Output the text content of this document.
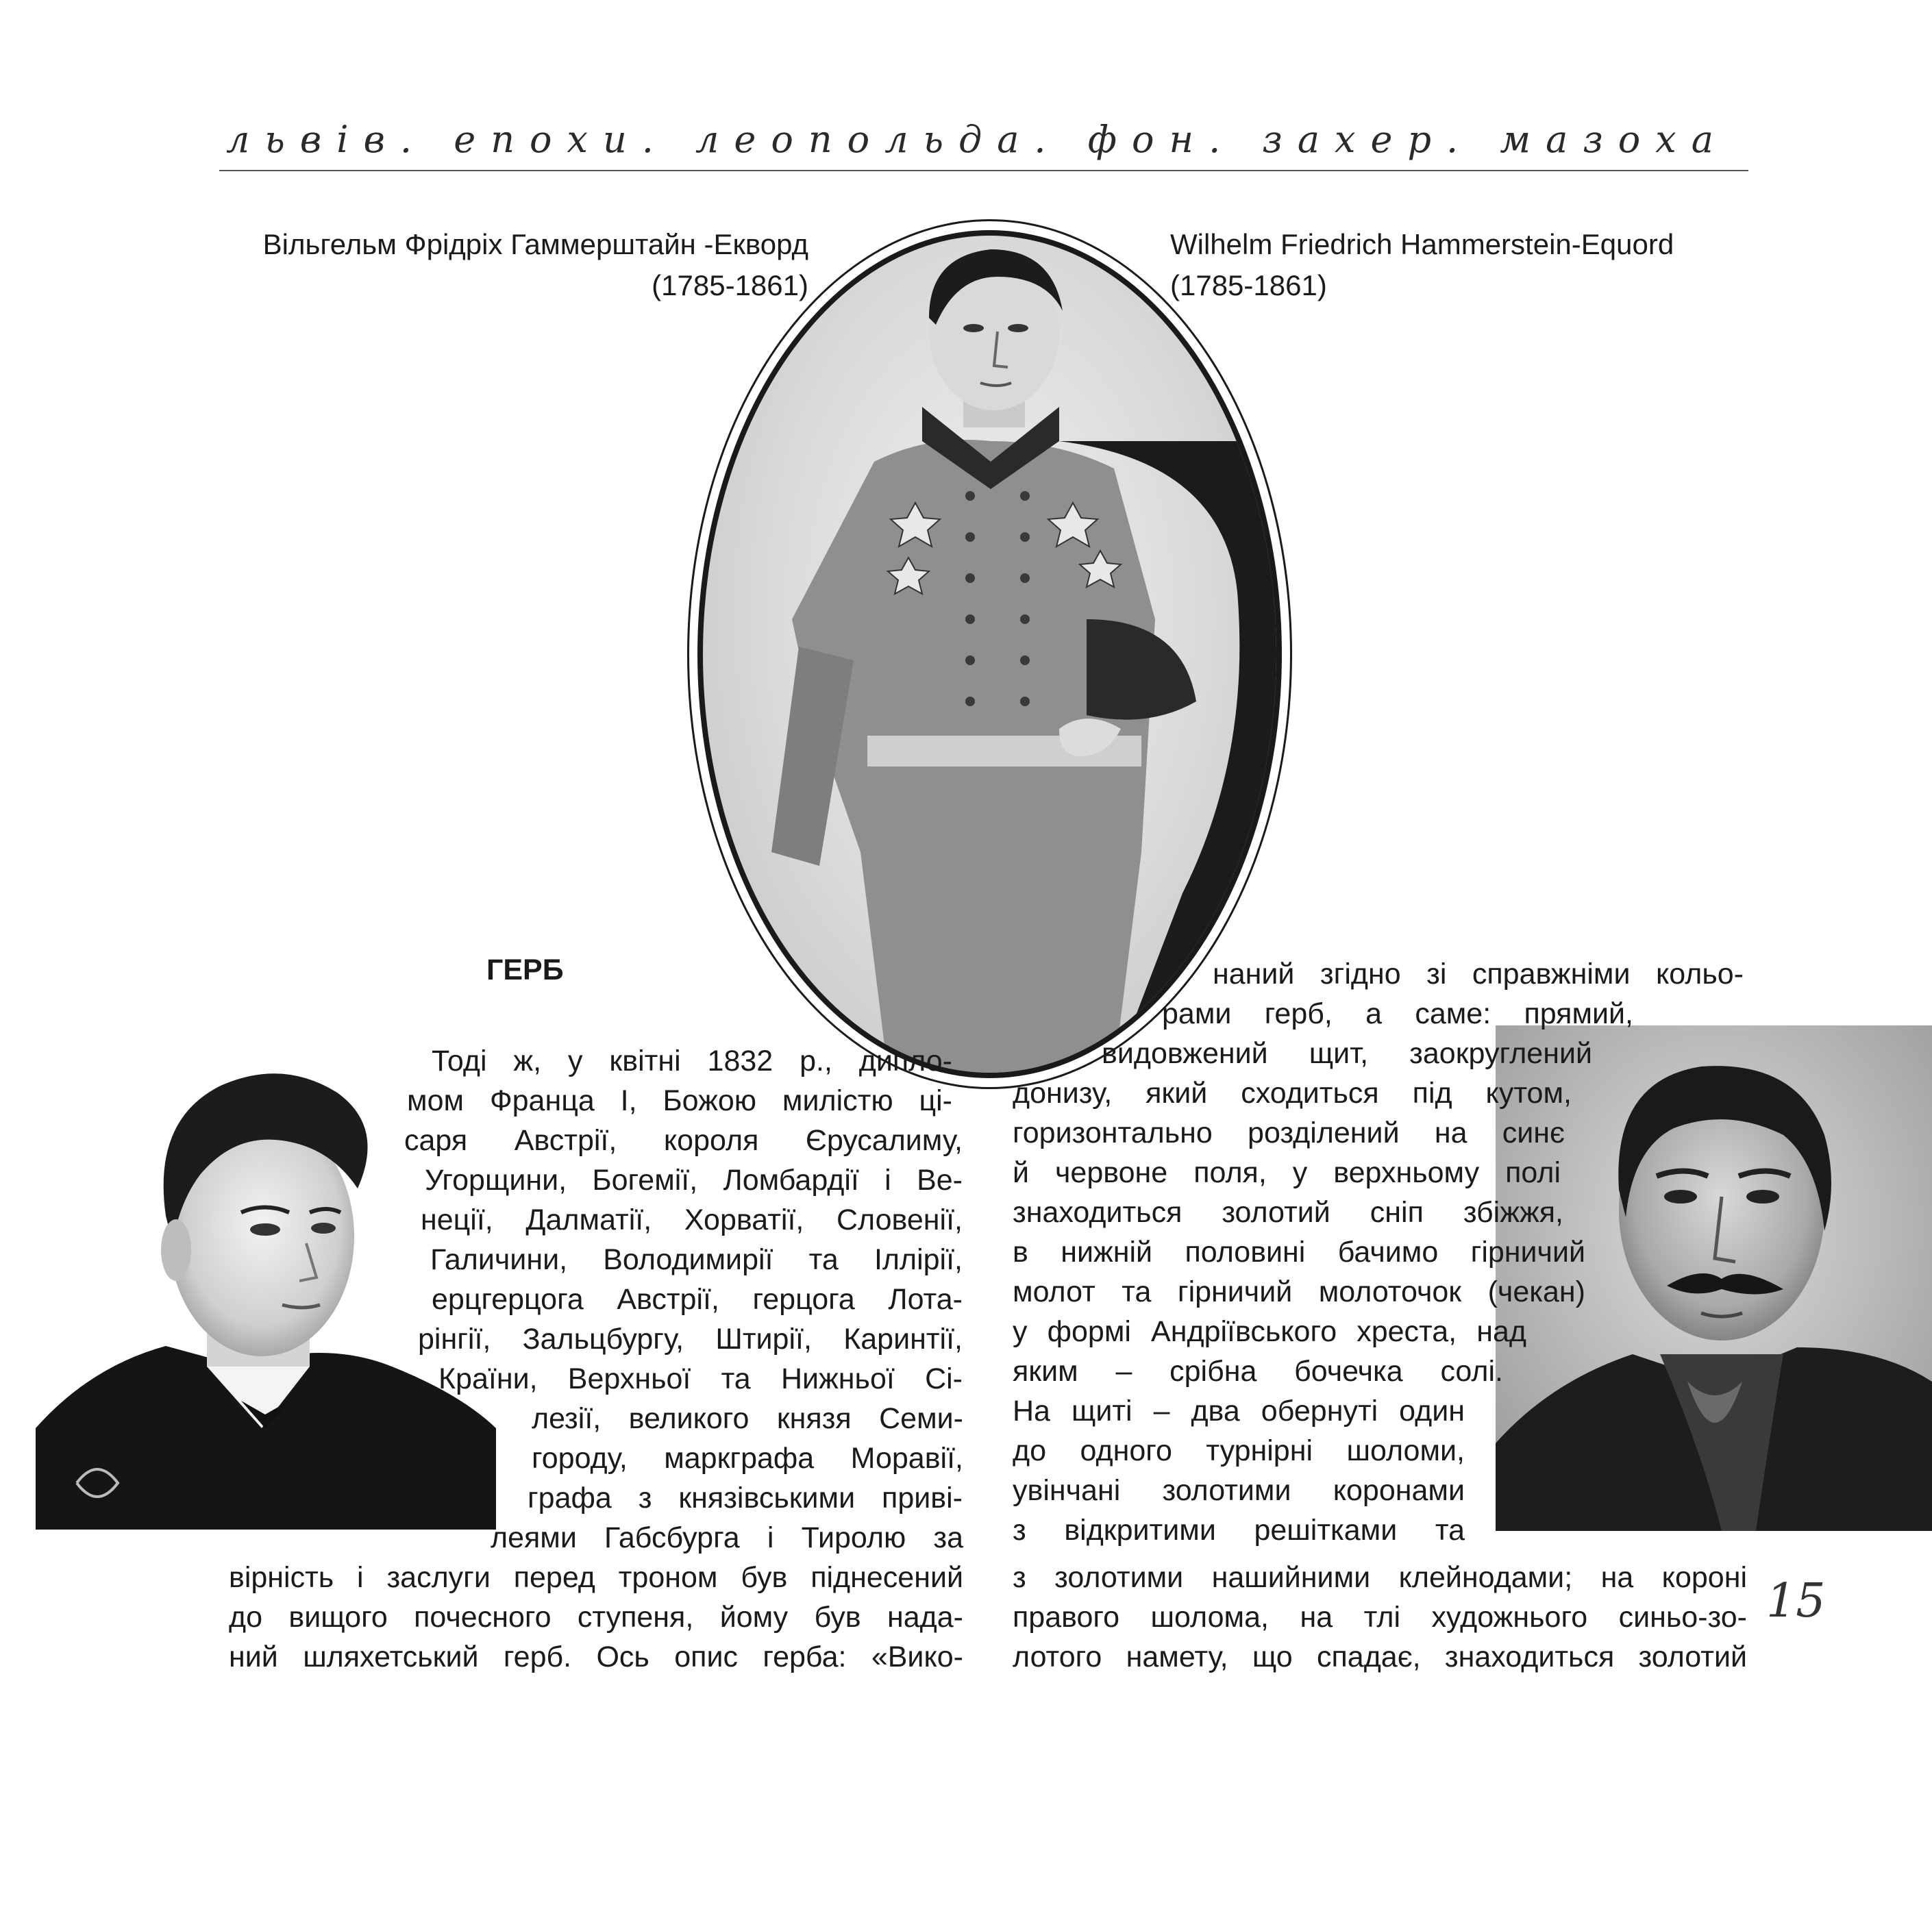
львів. епохи. леопольда. фон. захер. мазоха
Вільгельм Фрідріх Гаммерштайн -Екворд

(1785-1861)
Wilhelm Friedrich Hammerstein-Equord

(1785-1861)
ГЕРБ
Тоді ж, у квітні 1832 р., дипло-
мом Франца І, Божою милістю ці-
саря Австрії, короля Єрусалиму,
Угорщини, Богемії, Ломбардії і Ве-
неції, Далматії, Хорватії, Словенії,
Галичини, Володимирії та Іллірії,
ерцгерцога Австрії, герцога Лота-
рінгії, Зальцбургу, Штирії, Каринтії,
Країни, Верхньої та Нижньої Сі-
лезії, великого князя Семи-
городу, маркграфа Моравії,
графа з князівськими приві-
леями Габсбурга і Тиролю за
вірність і заслуги перед троном був піднесений
до вищого почесного ступеня, йому був нада-
ний шляхетський герб. Ось опис герба: «Вико-
наний згідно зі справжніми кольо-
рами герб, а саме: прямий,
видовжений щит, заокруглений
донизу, який сходиться під кутом,
горизонтально розділений на синє
й червоне поля, у верхньому полі
знаходиться золотий сніп збіжжя,
в нижній половині бачимо гірничий
молот та гірничий молоточок (чекан)
у формі Андріївського хреста, над
яким – срібна бочечка солі.
На щиті – два обернуті один
до одного турнірні шоломи,
увінчані золотими коронами
з відкритими решітками та
з золотими нашийними клейнодами; на короні
правого шолома, на тлі художнього синьо-зо-
лотого намету, що спадає, знаходиться золотий
15
